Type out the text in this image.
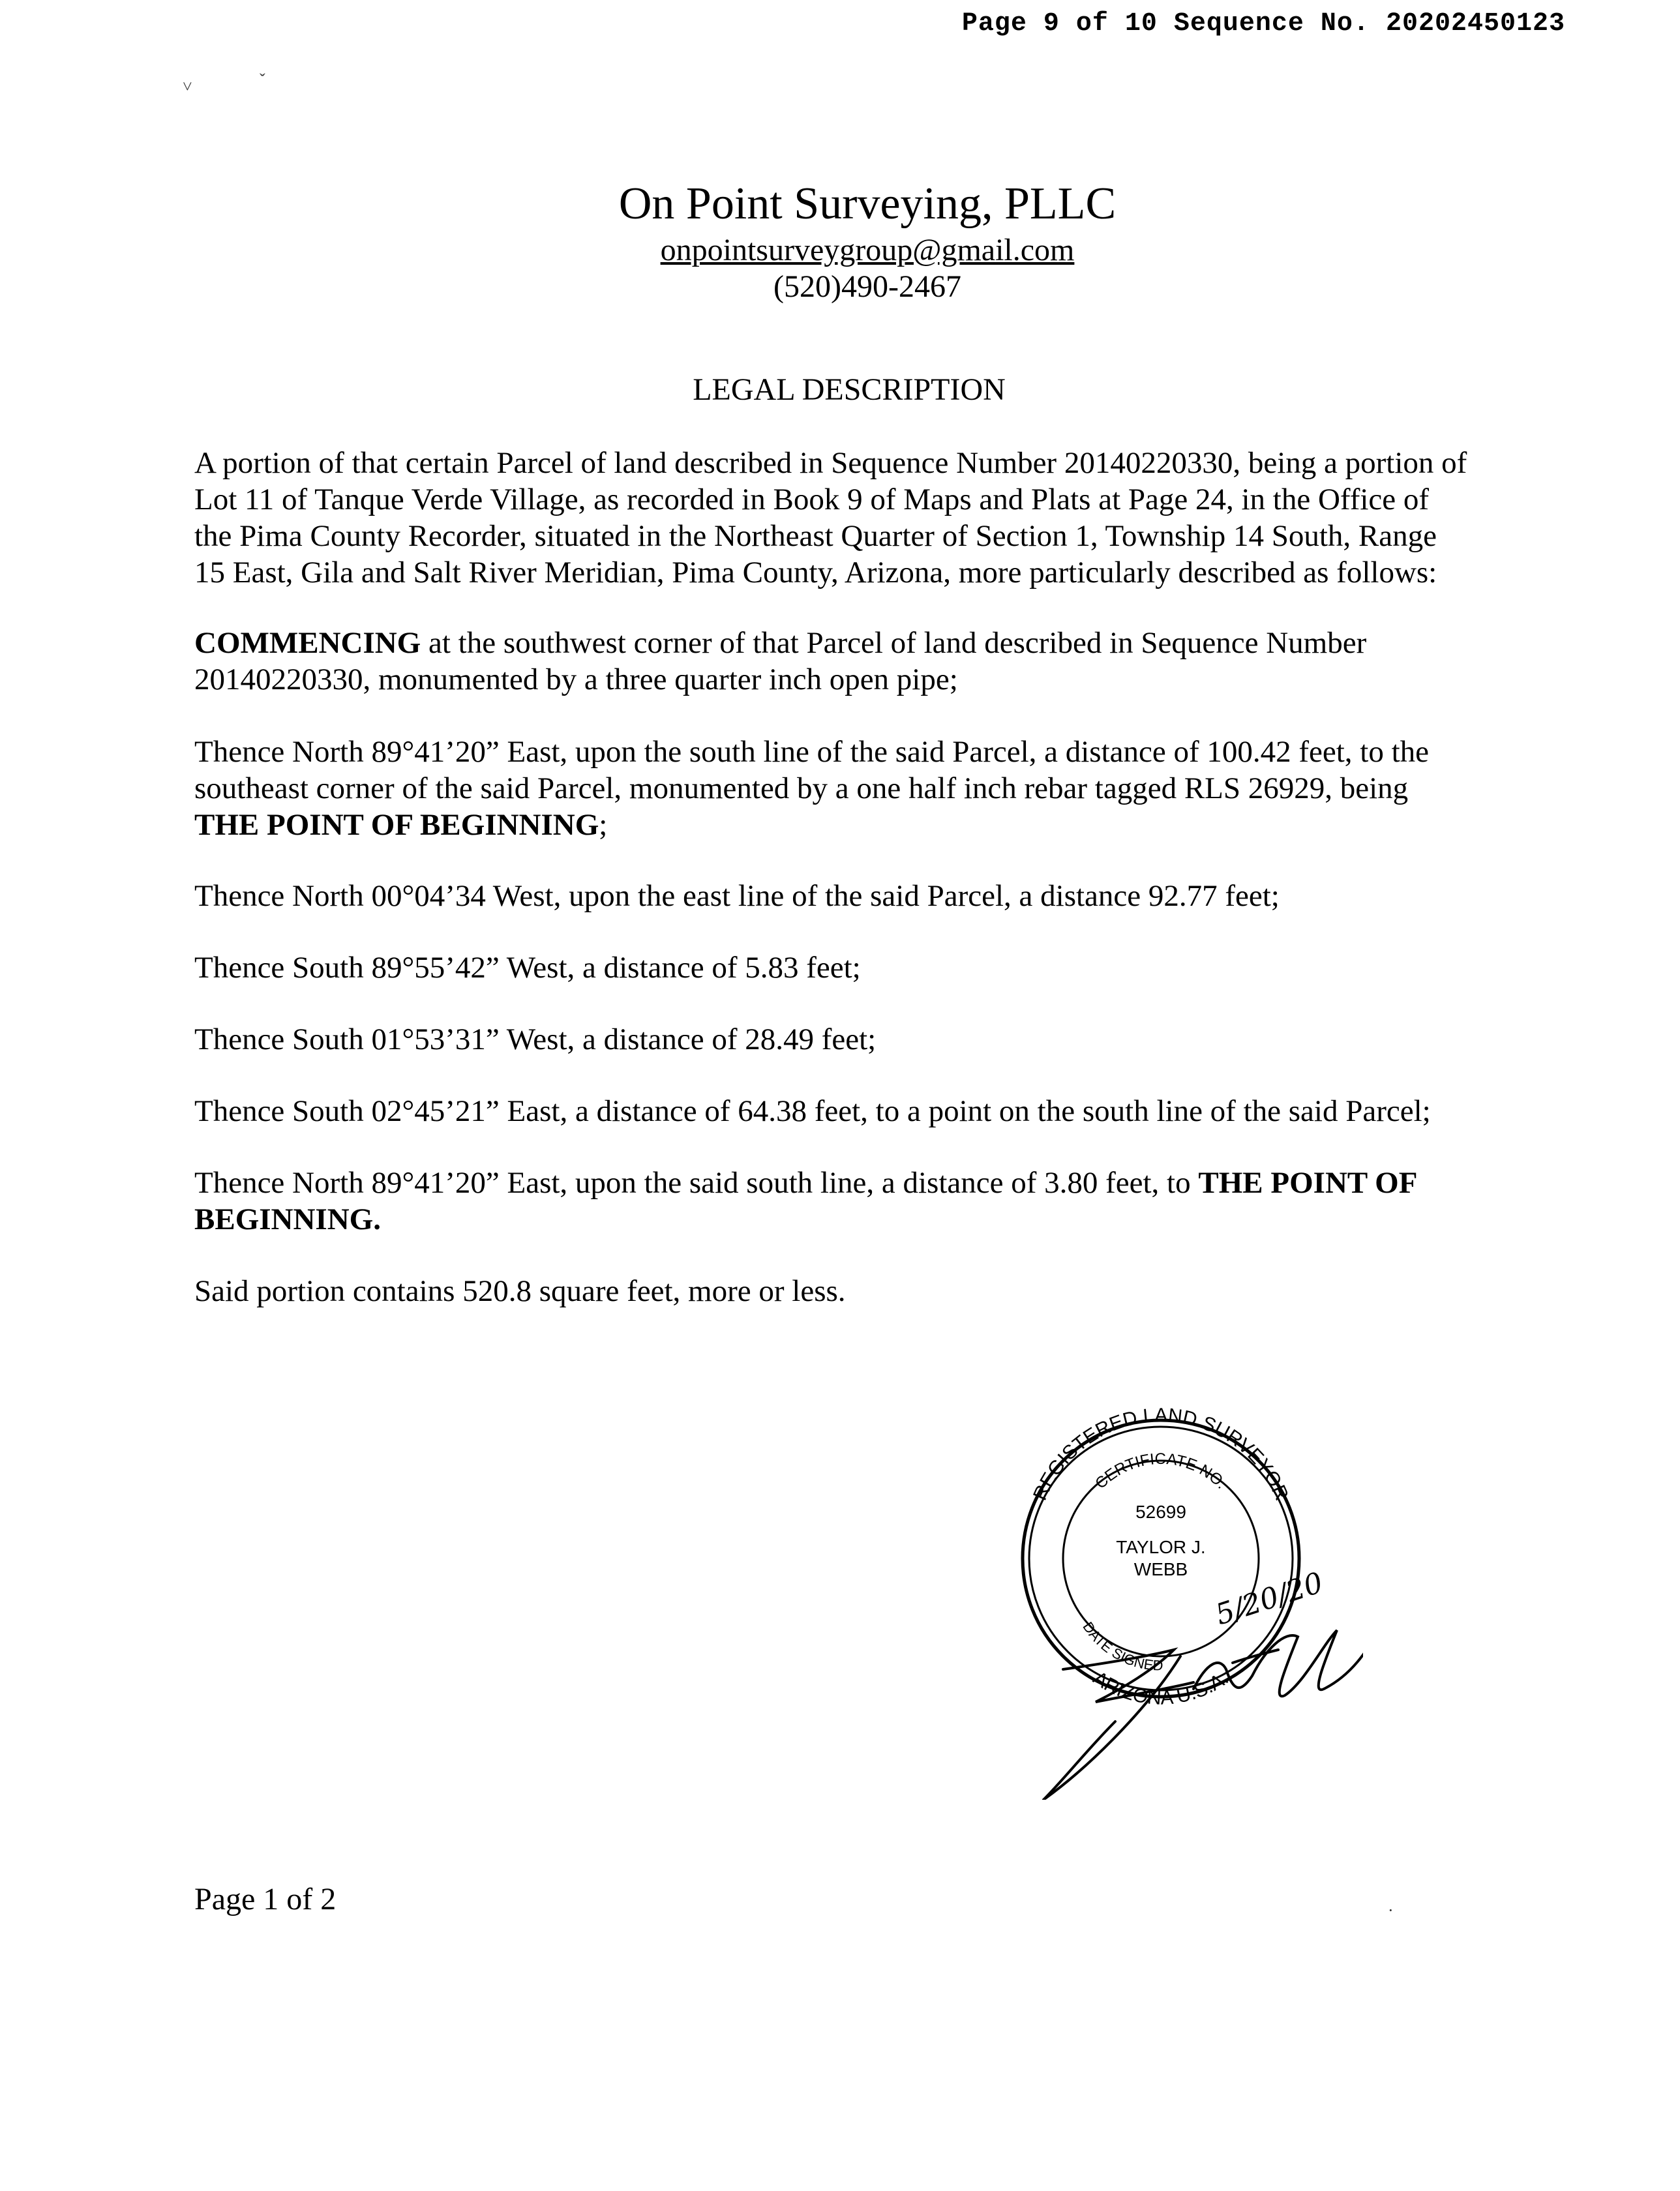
Page 9 of 10 Sequence No. 20202450123
˅	ˇ
·
On Point Surveying, PLLC
onpointsurveygroup@gmail.com
(520)490-2467
LEGAL DESCRIPTION
A portion of that certain Parcel of land described in Sequence Number 20140220330, being a portion of Lot 11 of Tanque Verde Village, as recorded in Book 9 of Maps and Plats at Page 24, in the Office of the Pima County Recorder, situated in the Northeast Quarter of Section 1, Township 14 South, Range 15 East, Gila and Salt River Meridian, Pima County, Arizona, more particularly described as follows:
COMMENCING at the southwest corner of that Parcel of land described in Sequence Number 20140220330, monumented by a three quarter inch open pipe;
Thence North 89°41’20” East, upon the south line of the said Parcel, a distance of 100.42 feet, to the southeast corner of the said Parcel, monumented by a one half inch rebar tagged RLS 26929, being THE POINT OF BEGINNING;
Thence North 00°04’34 West, upon the east line of the said Parcel, a distance 92.77 feet;
Thence South 89°55’42” West, a distance of 5.83 feet;
Thence South 01°53’31” West, a distance of 28.49 feet;
Thence South 02°45’21” East, a distance of 64.38 feet, to a point on the south line of the said Parcel;
Thence North 89°41’20” East, upon the said south line, a distance of 3.80 feet, to THE POINT OF BEGINNING.
Said portion contains 520.8 square feet, more or less.
REGISTERED LAND SURVEYOR
CERTIFICATE NO.
52699
TAYLOR J.
WEBB
DATE SIGNED
5/20/20
ARIZONA U.S.A.
Page 1 of 2
